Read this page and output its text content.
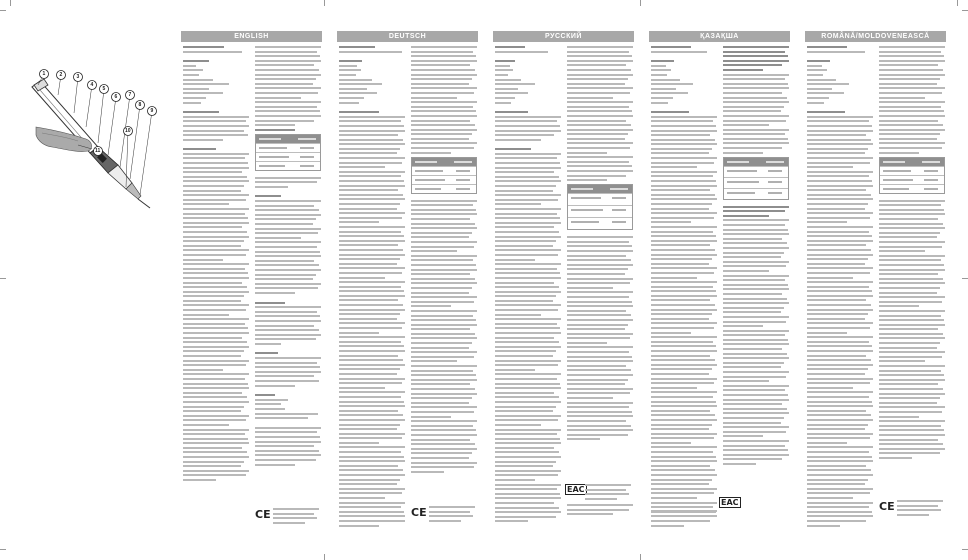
1	2	3
4
5
6 7
8
9
10
11
ENGLISH
CE
DEUTSCH
CE
РУССКИЙ
EAC
ҚАЗАҚША
EAC
ROMÂNĂ/MOLDOVENEASCĂ
CE
